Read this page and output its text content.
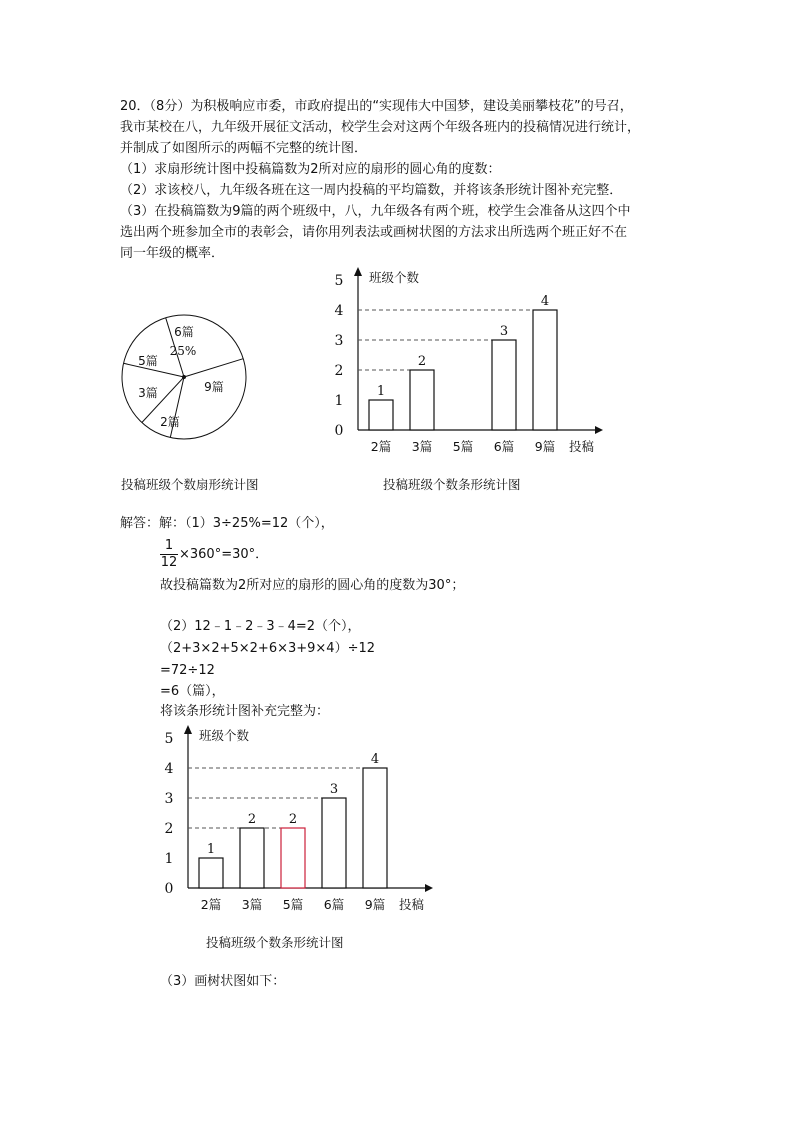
20．（8分）为积极响应市委，市政府提出的“实现伟大中国梦，建设美丽攀枝花”的号召，
我市某校在八，九年级开展征文活动，校学生会对这两个年级各班内的投稿情况进行统计，
并制成了如图所示的两幅不完整的统计图．
（1）求扇形统计图中投稿篇数为2所对应的扇形的圆心角的度数：
（2）求该校八，九年级各班在这一周内投稿的平均篇数，并将该条形统计图补充完整．
（3）在投稿篇数为9篇的两个班级中，八，九年级各有两个班，校学生会准备从这四个中
选出两个班参加全市的表彰会，请你用列表法或画树状图的方法求出所选两个班正好不在
同一年级的概率．
6篇
25%
9篇
2篇
3篇
5篇
投稿班级个数扇形统计图
0
1
2
3
4
5 班级个数
投稿
1
2篇
2
3篇 5篇
3
6篇
4
9篇
投稿班级个数条形统计图
解答：解：（1）3÷25%=12（个），
$\frac{1}{12} \times 360^\circ=30^\circ$．
故投稿篇数为2所对应的扇形的圆心角的度数为30°；
（2）12﹣1﹣2﹣3﹣4=2（个），
（2+3×2+5×2+6×3+9×4）÷12
=72÷12
=6（篇），
将该条形统计图补充完整为：
0
1
2
3
4
5 班级个数
投稿
1
2篇
2
3篇
2
5篇
3
6篇
4
9篇
投稿班级个数条形统计图
（3）画树状图如下：
